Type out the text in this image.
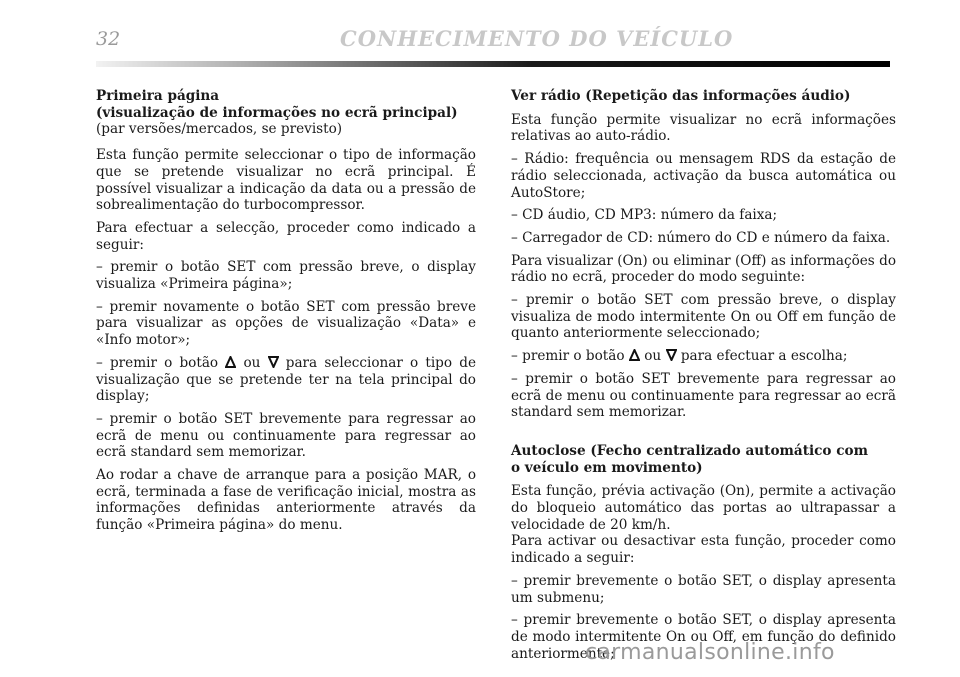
32	CONHECIMENTO DO VEÍCULO

Primeira página

(visualização de informações no ecrã principal)

(par versões/mercados, se previsto)

Esta função permite seleccionar o tipo de informação que se pretende visualizar no ecrã principal. É possível visualizar a indicação da data ou a pressão de sobrealimentação do turbocompressor.

Para efectuar a selecção, proceder como indicado a seguir:

– premir o botão SET com pressão breve, o display visualiza «Primeira página»;

– premir novamente o botão SET com pressão breve para visualizar as opções de visualização «Data» e «Info motor»;

– premir o botão ou para seleccionar o tipo de visualização que se pretende ter na tela principal do display;

– premir o botão SET brevemente para regressar ao ecrã de menu ou continuamente para regressar ao ecrã standard sem memorizar.

Ao rodar a chave de arranque para a posição MAR, o ecrã, terminada a fase de verificação inicial, mostra as informações definidas anteriormente através da função «Primeira página» do menu.

Ver rádio (Repetição das informações áudio)

Esta função permite visualizar no ecrã informações relativas ao auto-rádio.

– Rádio: frequência ou mensagem RDS da estação de rádio seleccionada, activação da busca automática ou AutoStore;

– CD áudio, CD MP3: número da faixa;

– Carregador de CD: número do CD e número da faixa.

Para visualizar (On) ou eliminar (Off) as informações do rádio no ecrã, proceder do modo seguinte:

– premir o botão SET com pressão breve, o display visualiza de modo intermitente On ou Off em função de quanto anteriormente seleccionado;

– premir o botão ou para efectuar a escolha;

– premir o botão SET brevemente para regressar ao ecrã de menu ou continuamente para regressar ao ecrã standard sem memorizar.

Autoclose (Fecho centralizado automático com

o veículo em movimento)

Esta função, prévia activação (On), permite a activação do bloqueio automático das portas ao ultrapassar a velocidade de 20 km/h.

Para activar ou desactivar esta função, proceder como indicado a seguir:

– premir brevemente o botão SET, o display apresenta um submenu;

– premir brevemente o botão SET, o display apresenta de modo intermitente On ou Off, em função do definido anteriormente;

carmanualsonline.info
